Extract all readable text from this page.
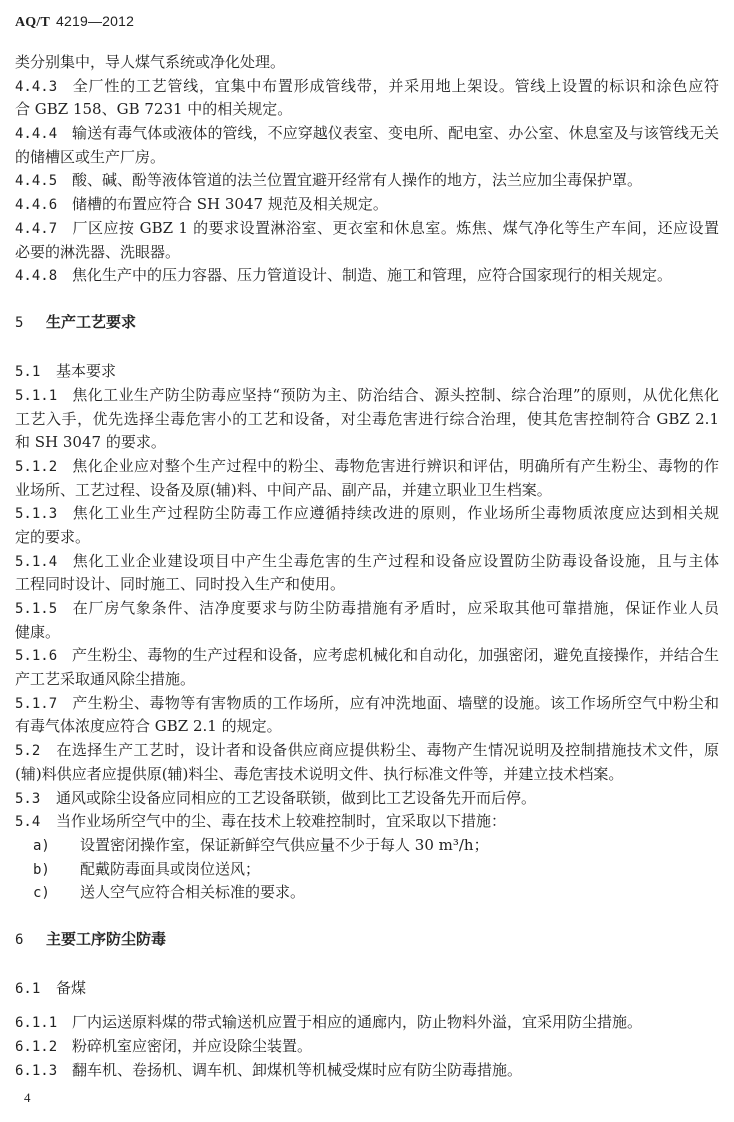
AQ/T 4219—2012
类分别集中，导人煤气系统或净化处理。
4.4.3 全厂性的工艺管线，宜集中布置形成管线带，并采用地上架设。管线上设置的标识和涂色应符
合 GBZ 158、GB 7231 中的相关规定。
4.4.4 输送有毒气体或液体的管线，不应穿越仪表室、变电所、配电室、办公室、休息室及与该管线无关
的储槽区或生产厂房。
4.4.5 酸、碱、酚等液体管道的法兰位置宜避开经常有人操作的地方，法兰应加尘毒保护罩。
4.4.6 储槽的布置应符合 SH 3047 规范及相关规定。
4.4.7 厂区应按 GBZ 1 的要求设置淋浴室、更衣室和休息室。炼焦、煤气净化等生产车间，还应设置
必要的淋洗器、洗眼器。
4.4.8 焦化生产中的压力容器、压力管道设计、制造、施工和管理，应符合国家现行的相关规定。
5 生产工艺要求
5.1 基本要求
5.1.1 焦化工业生产防尘防毒应坚持“预防为主、防治结合、源头控制、综合治理”的原则，从优化焦化
工艺入手，优先选择尘毒危害小的工艺和设备，对尘毒危害进行综合治理，使其危害控制符合 GBZ 2.1
和 SH 3047 的要求。
5.1.2 焦化企业应对整个生产过程中的粉尘、毒物危害进行辨识和评估，明确所有产生粉尘、毒物的作
业场所、工艺过程、设备及原(辅)料、中间产品、副产品，并建立职业卫生档案。
5.1.3 焦化工业生产过程防尘防毒工作应遵循持续改进的原则，作业场所尘毒物质浓度应达到相关规
定的要求。
5.1.4 焦化工业企业建设项目中产生尘毒危害的生产过程和设备应设置防尘防毒设备设施，且与主体
工程同时设计、同时施工、同时投入生产和使用。
5.1.5 在厂房气象条件、洁净度要求与防尘防毒措施有矛盾时，应采取其他可靠措施，保证作业人员
健康。
5.1.6 产生粉尘、毒物的生产过程和设备，应考虑机械化和自动化，加强密闭，避免直接操作，并结合生
产工艺采取通风除尘措施。
5.1.7 产生粉尘、毒物等有害物质的工作场所，应有冲洗地面、墙壁的设施。该工作场所空气中粉尘和
有毒气体浓度应符合 GBZ 2.1 的规定。
5.2 在选择生产工艺时，设计者和设备供应商应提供粉尘、毒物产生情况说明及控制措施技术文件，原
(辅)料供应者应提供原(辅)料尘、毒危害技术说明文件、执行标准文件等，并建立技术档案。
5.3 通风或除尘设备应同相应的工艺设备联锁，做到比工艺设备先开而后停。
5.4 当作业场所空气中的尘、毒在技术上较难控制时，宜采取以下措施：
a) 设置密闭操作室，保证新鲜空气供应量不少于每人 30 m³/h；
b) 配戴防毒面具或岗位送风；
c) 送人空气应符合相关标准的要求。
6 主要工序防尘防毒
6.1 备煤
6.1.1 厂内运送原料煤的带式输送机应置于相应的通廊内，防止物料外溢，宜采用防尘措施。
6.1.2 粉碎机室应密闭，并应设除尘装置。
6.1.3 翻车机、卷扬机、调车机、卸煤机等机械受煤时应有防尘防毒措施。
4
